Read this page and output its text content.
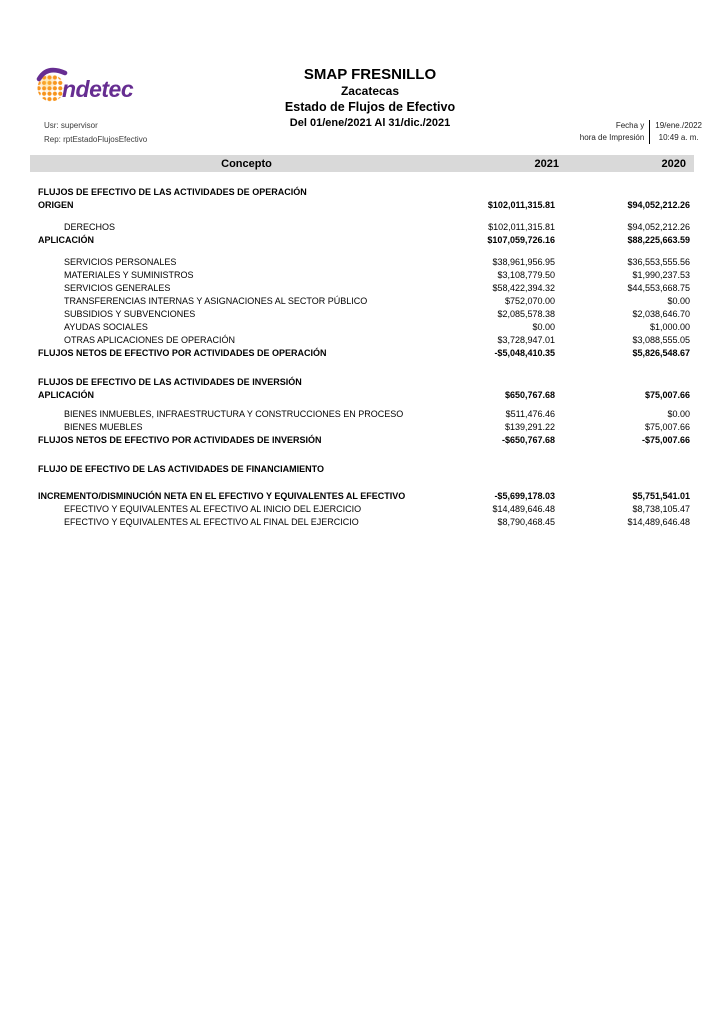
ndetec
Usr: supervisor
Rep: rptEstadoFlujosEfectivo
SMAP FRESNILLO
Zacatecas
Estado de Flujos de Efectivo
Del 01/ene/2021 Al 31/dic./2021	Fecha y
hora de Impresión
19/ene./2022
10:49 a. m.
Concepto	2021	2020
FLUJOS DE EFECTIVO DE LAS ACTIVIDADES DE OPERACIÓN
ORIGEN	$102,011,315.81	$94,052,212.26
DERECHOS	$102,011,315.81	$94,052,212.26
APLICACIÓN	$107,059,726.16	$88,225,663.59
SERVICIOS PERSONALES	$38,961,956.95	$36,553,555.56
MATERIALES Y SUMINISTROS	$3,108,779.50	$1,990,237.53
SERVICIOS GENERALES	$58,422,394.32	$44,553,668.75
TRANSFERENCIAS INTERNAS Y ASIGNACIONES AL SECTOR PÚBLICO	$752,070.00	$0.00
SUBSIDIOS Y SUBVENCIONES	$2,085,578.38	$2,038,646.70
AYUDAS SOCIALES	$0.00	$1,000.00
OTRAS APLICACIONES DE OPERACIÓN	$3,728,947.01	$3,088,555.05
FLUJOS NETOS DE EFECTIVO POR ACTIVIDADES DE OPERACIÓN	-$5,048,410.35	$5,826,548.67
FLUJOS DE EFECTIVO DE LAS ACTIVIDADES DE INVERSIÓN
APLICACIÓN	$650,767.68	$75,007.66
BIENES INMUEBLES, INFRAESTRUCTURA Y CONSTRUCCIONES EN PROCESO	$511,476.46	$0.00
BIENES MUEBLES	$139,291.22	$75,007.66
FLUJOS NETOS DE EFECTIVO POR ACTIVIDADES DE INVERSIÓN	-$650,767.68	-$75,007.66
FLUJO DE EFECTIVO DE LAS ACTIVIDADES DE FINANCIAMIENTO
INCREMENTO/DISMINUCIÓN NETA EN EL EFECTIVO Y EQUIVALENTES AL EFECTIVO	-$5,699,178.03	$5,751,541.01
EFECTIVO Y EQUIVALENTES AL EFECTIVO AL INICIO DEL EJERCICIO	$14,489,646.48	$8,738,105.47
EFECTIVO Y EQUIVALENTES AL EFECTIVO AL FINAL DEL EJERCICIO	$8,790,468.45	$14,489,646.48
